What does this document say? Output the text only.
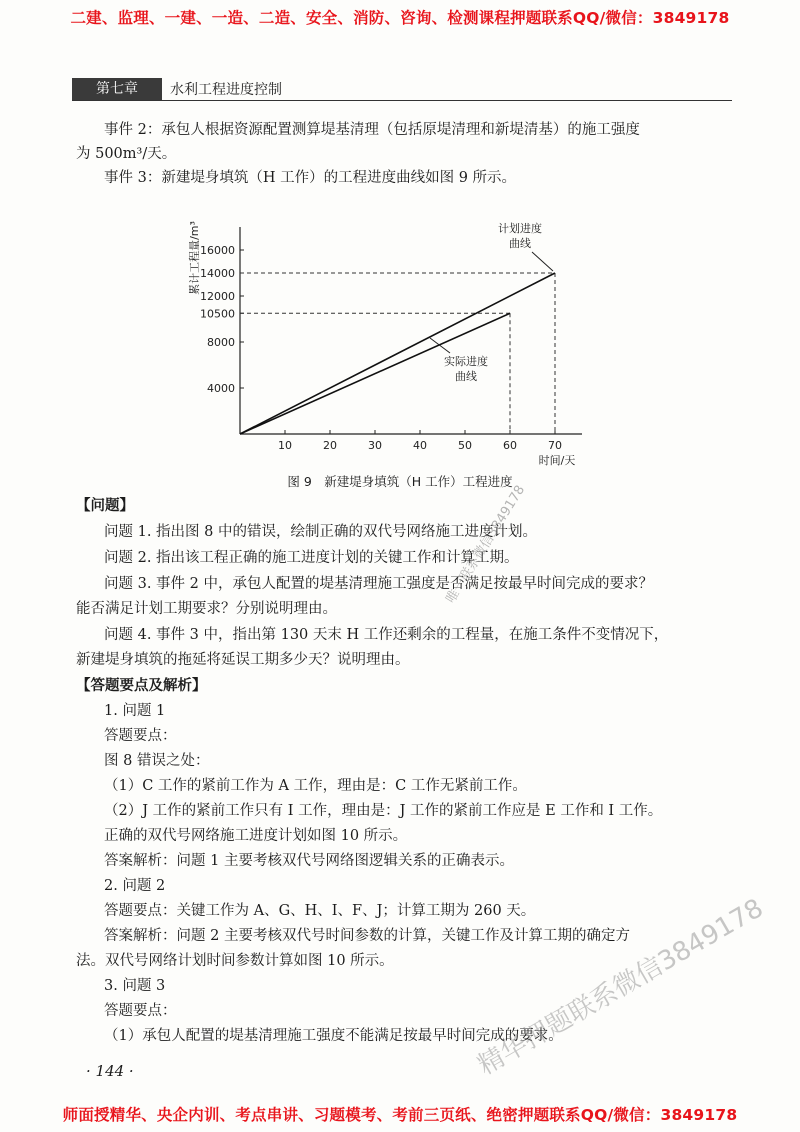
二建、监理、一建、一造、二造、安全、消防、咨询、检测课程押题联系QQ/微信：3849178
第七章	水利工程进度控制
事件 2：承包人根据资源配置测算堤基清理（包括原堤清理和新堤清基）的施工强度
为 500m³/天。
事件 3：新建堤身填筑（H 工作）的工程进度曲线如图 9 所示。
10	20	30	40	50	60	70
4000
8000
10500
12000
14000
16000
计划进度
曲线
实际进度
曲线
时间/天
累计工程量/m³
图 9　新建堤身填筑（H 工作）工程进度
【问题】
问题 1. 指出图 8 中的错误，绘制正确的双代号网络施工进度计划。
问题 2. 指出该工程正确的施工进度计划的关键工作和计算工期。
问题 3. 事件 2 中，承包人配置的堤基清理施工强度是否满足按最早时间完成的要求？
能否满足计划工期要求？分别说明理由。
问题 4. 事件 3 中，指出第 130 天末 H 工作还剩余的工程量，在施工条件不变情况下，
新建堤身填筑的拖延将延误工期多少天？说明理由。
【答题要点及解析】
1. 问题 1
答题要点：
图 8 错误之处：
（1）C 工作的紧前工作为 A 工作，理由是：C 工作无紧前工作。
（2）J 工作的紧前工作只有 I 工作，理由是：J 工作的紧前工作应是 E 工作和 I 工作。
正确的双代号网络施工进度计划如图 10 所示。
答案解析：问题 1 主要考核双代号网络图逻辑关系的正确表示。
2. 问题 2
答题要点：关键工作为 A、G、H、I、F、J；计算工期为 260 天。
答案解析：问题 2 主要考核双代号时间参数的计算，关键工作及计算工期的确定方
法。双代号网络计划时间参数计算如图 10 所示。
3. 问题 3
答题要点：
（1）承包人配置的堤基清理施工强度不能满足按最早时间完成的要求。
· 144 ·
唯一联系微信3849178
精华押题联系微信3849178
师面授精华、央企内训、考点串讲、习题模考、考前三页纸、绝密押题联系QQ/微信：3849178
